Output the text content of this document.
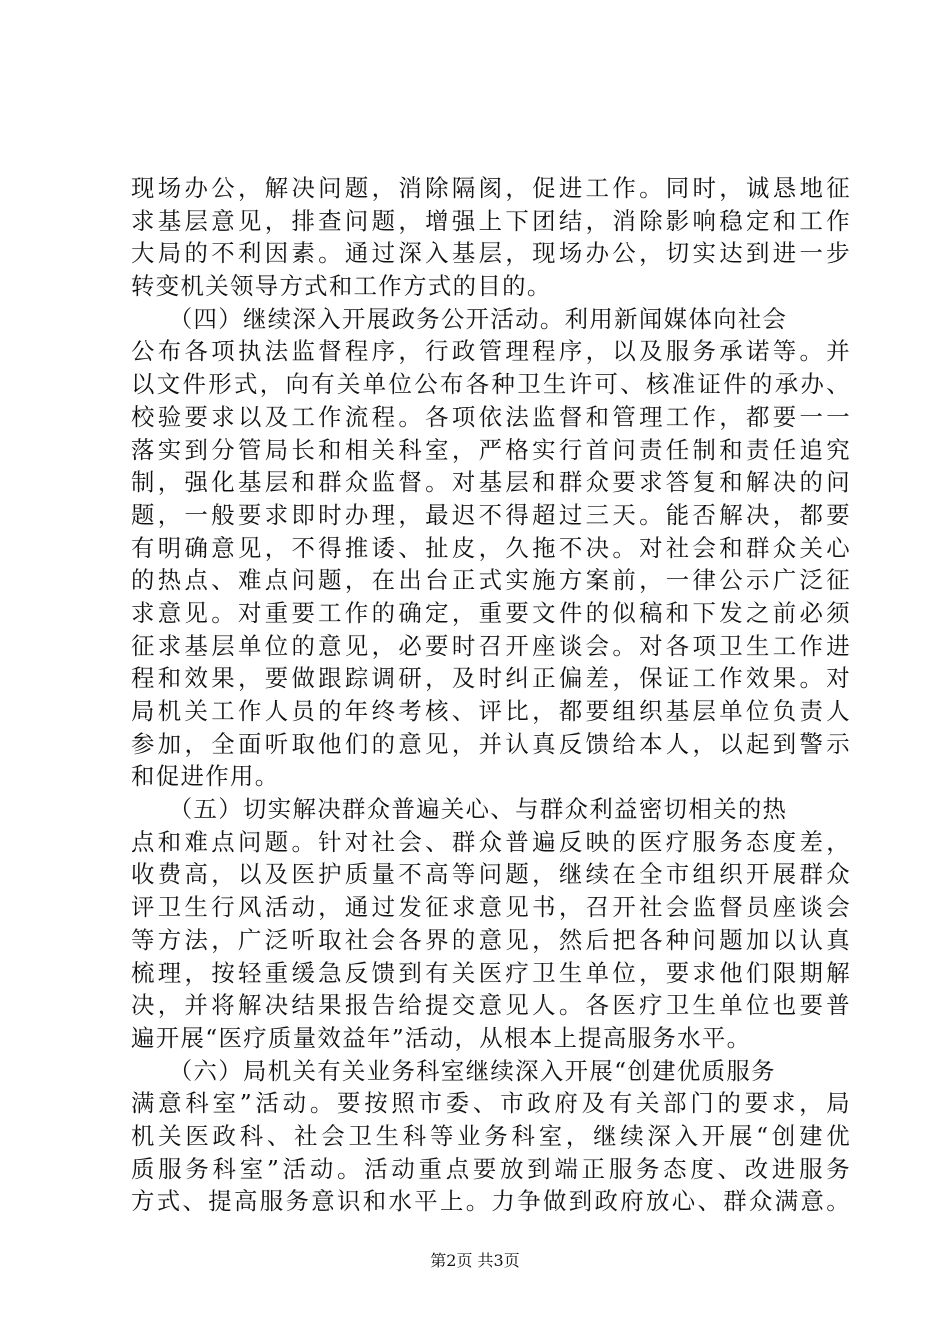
现场办公，解决问题，消除隔阂，促进工作。同时，诚恳地征
求基层意见，排查问题，增强上下团结，消除影响稳定和工作
大局的不利因素。通过深入基层，现场办公，切实达到进一步
转变机关领导方式和工作方式的目的。
　　（四）继续深入开展政务公开活动。利用新闻媒体向社会
公布各项执法监督程序，行政管理程序，以及服务承诺等。并
以文件形式，向有关单位公布各种卫生许可、核准证件的承办、
校验要求以及工作流程。各项依法监督和管理工作，都要一一
落实到分管局长和相关科室，严格实行首问责任制和责任追究
制，强化基层和群众监督。对基层和群众要求答复和解决的问
题，一般要求即时办理，最迟不得超过三天。能否解决，都要
有明确意见，不得推诿、扯皮，久拖不决。对社会和群众关心
的热点、难点问题，在出台正式实施方案前，一律公示广泛征
求意见。对重要工作的确定，重要文件的似稿和下发之前必须
征求基层单位的意见，必要时召开座谈会。对各项卫生工作进
程和效果，要做跟踪调研，及时纠正偏差，保证工作效果。对
局机关工作人员的年终考核、评比，都要组织基层单位负责人
参加，全面听取他们的意见，并认真反馈给本人，以起到警示
和促进作用。
　　（五）切实解决群众普遍关心、与群众利益密切相关的热
点和难点问题。针对社会、群众普遍反映的医疗服务态度差，
收费高，以及医护质量不高等问题，继续在全市组织开展群众
评卫生行风活动，通过发征求意见书，召开社会监督员座谈会
等方法，广泛听取社会各界的意见，然后把各种问题加以认真
梳理，按轻重缓急反馈到有关医疗卫生单位，要求他们限期解
决，并将解决结果报告给提交意见人。各医疗卫生单位也要普
遍开展“医疗质量效益年”活动，从根本上提高服务水平。
　　（六）局机关有关业务科室继续深入开展“创建优质服务
满意科室”活动。要按照市委、市政府及有关部门的要求，局
机关医政科、社会卫生科等业务科室，继续深入开展“创建优
质服务科室”活动。活动重点要放到端正服务态度、改进服务
方式、提高服务意识和水平上。力争做到政府放心、群众满意。
第2页 共3页
